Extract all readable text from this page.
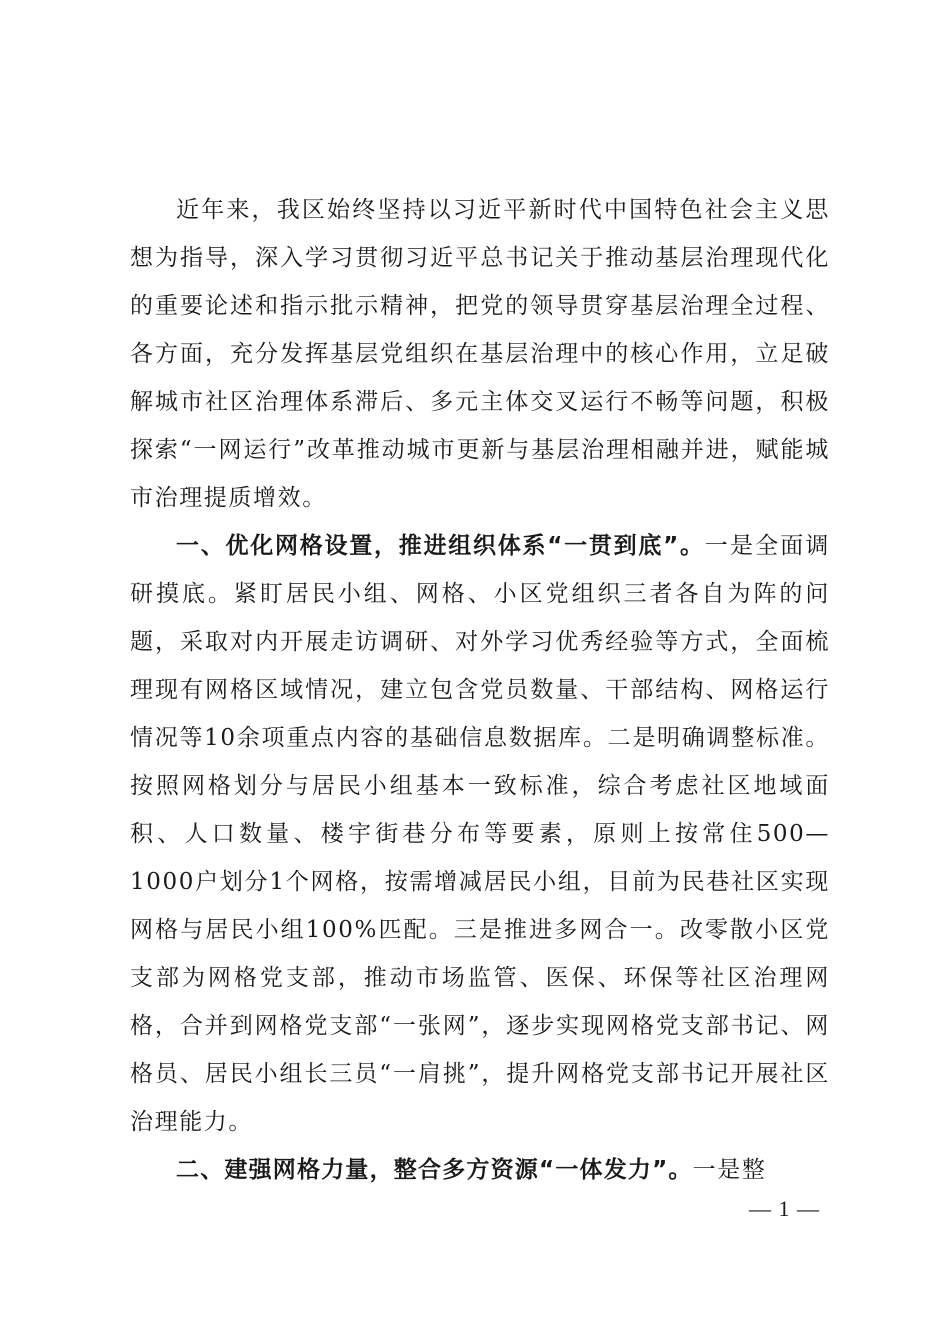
近年来，我区始终坚持以习近平新时代中国特色社会主义思想为指导，深入学习贯彻习近平总书记关于推动基层治理现代化的重要论述和指示批示精神，把党的领导贯穿基层治理全过程、各方面，充分发挥基层党组织在基层治理中的核心作用，立足破解城市社区治理体系滞后、多元主体交叉运行不畅等问题，积极探索“一网运行”改革推动城市更新与基层治理相融并进，赋能城市治理提质增效。

一、优化网格设置，推进组织体系“一贯到底”。一是全面调研摸底。紧盯居民小组、网格、小区党组织三者各自为阵的问题，采取对内开展走访调研、对外学习优秀经验等方式，全面梳理现有网格区域情况，建立包含党员数量、干部结构、网格运行情况等10余项重点内容的基础信息数据库。二是明确调整标准。按照网格划分与居民小组基本一致标准，综合考虑社区地域面积、人口数量、楼宇街巷分布等要素，原则上按常住500—1000户划分1个网格，按需增减居民小组，目前为民巷社区实现网格与居民小组100%匹配。三是推进多网合一。改零散小区党支部为网格党支部，推动市场监管、医保、环保等社区治理网格，合并到网格党支部“一张网”，逐步实现网格党支部书记、网格员、居民小组长三员“一肩挑”，提升网格党支部书记开展社区治理能力。

二、建强网格力量，整合多方资源“一体发力”。一是整

— 1 —
